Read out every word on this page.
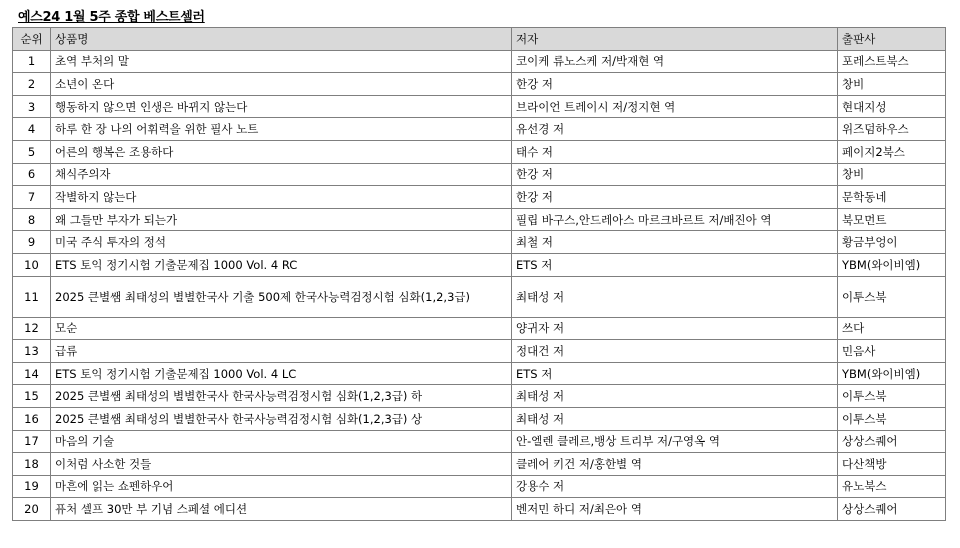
예스24 1월 5주 종합 베스트셀러
순위	상품명	저자	출판사
1	초역 부처의 말	코이케 류노스케 저/박재현 역	포레스트북스
2	소년이 온다	한강 저	창비
3	행동하지 않으면 인생은 바뀌지 않는다	브라이언 트레이시 저/정지현 역	현대지성
4	하루 한 장 나의 어휘력을 위한 필사 노트	유선경 저	위즈덤하우스
5	어른의 행복은 조용하다	태수 저	페이지2북스
6	채식주의자	한강 저	창비
7	작별하지 않는다	한강 저	문학동네
8	왜 그들만 부자가 되는가	필립 바구스,안드레아스 마르크바르트 저/배진아 역	북모먼트
9	미국 주식 투자의 정석	최철 저	황금부엉이
10	ETS 토익 정기시험 기출문제집 1000 Vol. 4 RC	ETS 저	YBM(와이비엠)
11	2025 큰별쌤 최태성의 별별한국사 기출 500제 한국사능력검정시험 심화(1,2,3급)	최태성 저	이투스북
12	모순	양귀자 저	쓰다
13	급류	정대건 저	민음사
14	ETS 토익 정기시험 기출문제집 1000 Vol. 4 LC	ETS 저	YBM(와이비엠)
15	2025 큰별쌤 최태성의 별별한국사 한국사능력검정시험 심화(1,2,3급) 하	최태성 저	이투스북
16	2025 큰별쌤 최태성의 별별한국사 한국사능력검정시험 심화(1,2,3급) 상	최태성 저	이투스북
17	마음의 기술	안-엘렌 클레르,뱅상 트리부 저/구영옥 역	상상스퀘어
18	이처럼 사소한 것들	클레어 키건 저/홍한별 역	다산책방
19	마흔에 읽는 쇼펜하우어	강용수 저	유노북스
20	퓨처 셀프 30만 부 기념 스페셜 에디션	벤저민 하디 저/최은아 역	상상스퀘어
